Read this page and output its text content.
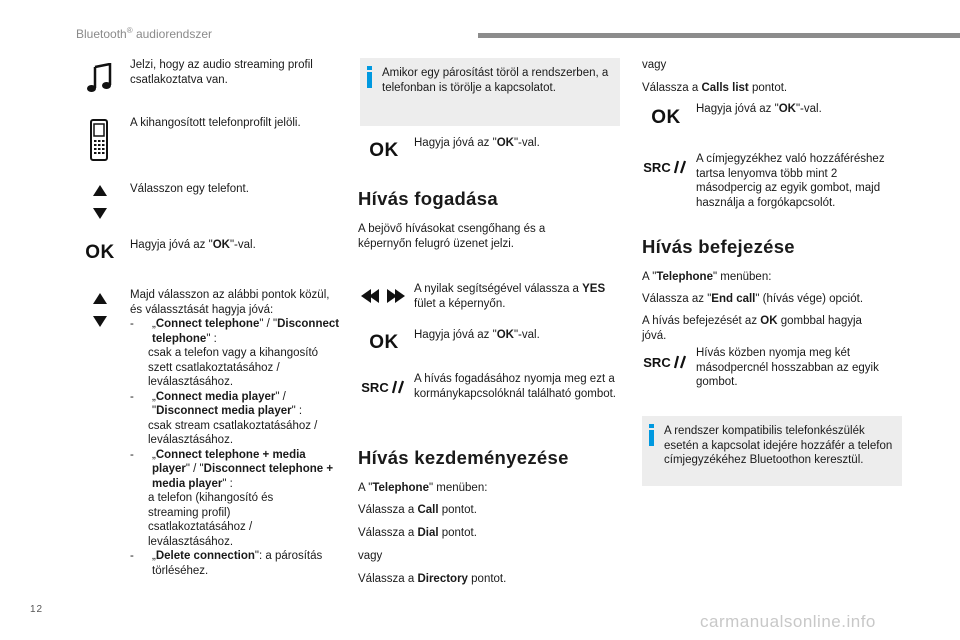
Bluetooth® audiorendszer
Jelzi, hogy az audio streaming profil csatlakoztatva van.
A kihangosított telefonprofilt jelöli.
Válasszon egy telefont.
OK	Hagyja jóvá az "OK"-val.
Majd válasszon az alábbi pontok közül, és válassztását hagyja jóvá:
- „Connect telephone" / "Disconnect telephone" :
csak a telefon vagy a kihangosító szett csatlakoztatásához / leválasztásához.
- „Connect media player" / "Disconnect media player" :
csak stream csatlakoztatásához / leválasztásához.
- „Connect telephone + media player" / "Disconnect telephone + media player" :
a telefon (kihangosító és streaming profil) csatlakoztatásához / leválasztásához.
- „Delete connection": a párosítás törléséhez.
Amikor egy párosítást töröl a rendszerben, a telefonban is törölje a kapcsolatot.
OK	Hagyja jóvá az "OK"-val.
Hívás fogadása
A bejövő hívásokat csengőhang és a képernyőn felugró üzenet jelzi.
A nyilak segítségével válassza a YES fület a képernyőn.
OK	Hagyja jóvá az "OK"-val.
SRC
A hívás fogadásához nyomja meg ezt a kormánykapcsolóknál található gombot.
Hívás kezdeményezése
A "Telephone" menüben:
Válassza a Call pontot.
Válassza a Dial pontot.
vagy
Válassza a Directory pontot.
vagy
Válassza a Calls list pontot.
OK	Hagyja jóvá az "OK"-val.
SRC
A címjegyzékhez való hozzáféréshez tartsa lenyomva több mint 2 másodpercig az egyik gombot, majd használja a forgókapcsolót.
Hívás befejezése
A "Telephone" menüben:
Válassza az "End call" (hívás vége) opciót.
A hívás befejezését az OK gombbal hagyja jóvá.
SRC
Hívás közben nyomja meg két másodpercnél hosszabban az egyik gombot.
A rendszer kompatibilis telefonkészülék esetén a kapcsolat idejére hozzáfér a telefon címjegyzékéhez Bluetoothon keresztül.
12
carmanualsonline.info
